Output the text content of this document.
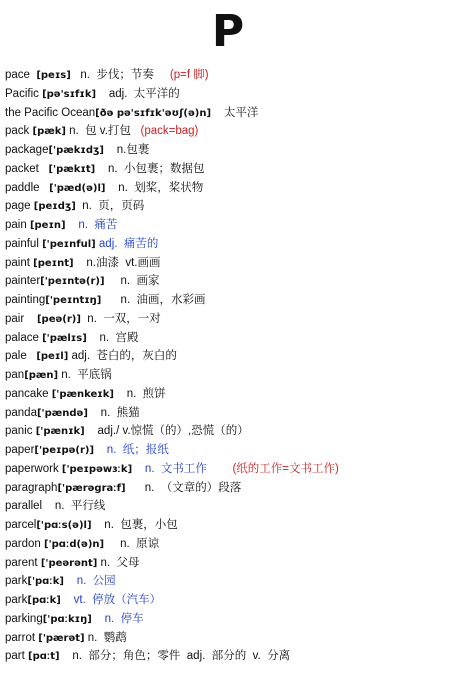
P
pace  [peɪs]   n.  步伐；节奏     (p=f 脚)
Pacific [pə'sɪfɪk]    adj.  太平洋的
the Pacific Ocean[ðə pə'sɪfɪk'əʊʃ(ə)n]    太平洋
pack [pæk] n.  包 v.打包   (pack=bag)
package['pækɪdʒ]    n.包裹
packet   ['pækɪt]    n.  小包裹；数据包
paddle   ['pæd(ə)l]    n.  划桨，桨状物
page [peɪdʒ]  n.  页，页码
pain [peɪn]    n.  痛苦
painful ['peɪnful] adj.  痛苦的
paint [peɪnt]    n.油漆  vt.画画
painter['peɪntə(r)]     n.  画家
painting['peɪntɪŋ]      n.  油画，水彩画
pair    [peə(r)]  n.  一双，一对
palace ['pælɪs]    n.  宫殿
pale   [peɪl] adj.  苍白的，灰白的
pan[pæn] n.  平底锅
pancake ['pænkeɪk]    n.  煎饼
panda['pændə]    n.  熊猫
panic ['pænɪk]    adj./ v.惊慌（的）,恐慌（的）
paper['peɪpə(r)]    n.  纸；报纸
paperwork ['peɪpəwɜːk]    n.  文书工作        (纸的工作=文书工作)
paragraph['pærəgraːf]      n.  （文章的）段落
parallel    n.  平行线
parcel['pɑːs(ə)l]    n.  包裹，小包
pardon ['pɑːd(ə)n]     n.  原谅
parent ['peərənt] n.  父母
park['pɑːk]    n.  公园
park[pɑːk]    vt.  停放（汽车）
parking['pɑːkɪŋ]    n.  停车
parrot ['pærət] n.  鹦鹉
part [pɑːt]    n.  部分；角色；零件  adj.  部分的  v.  分离
